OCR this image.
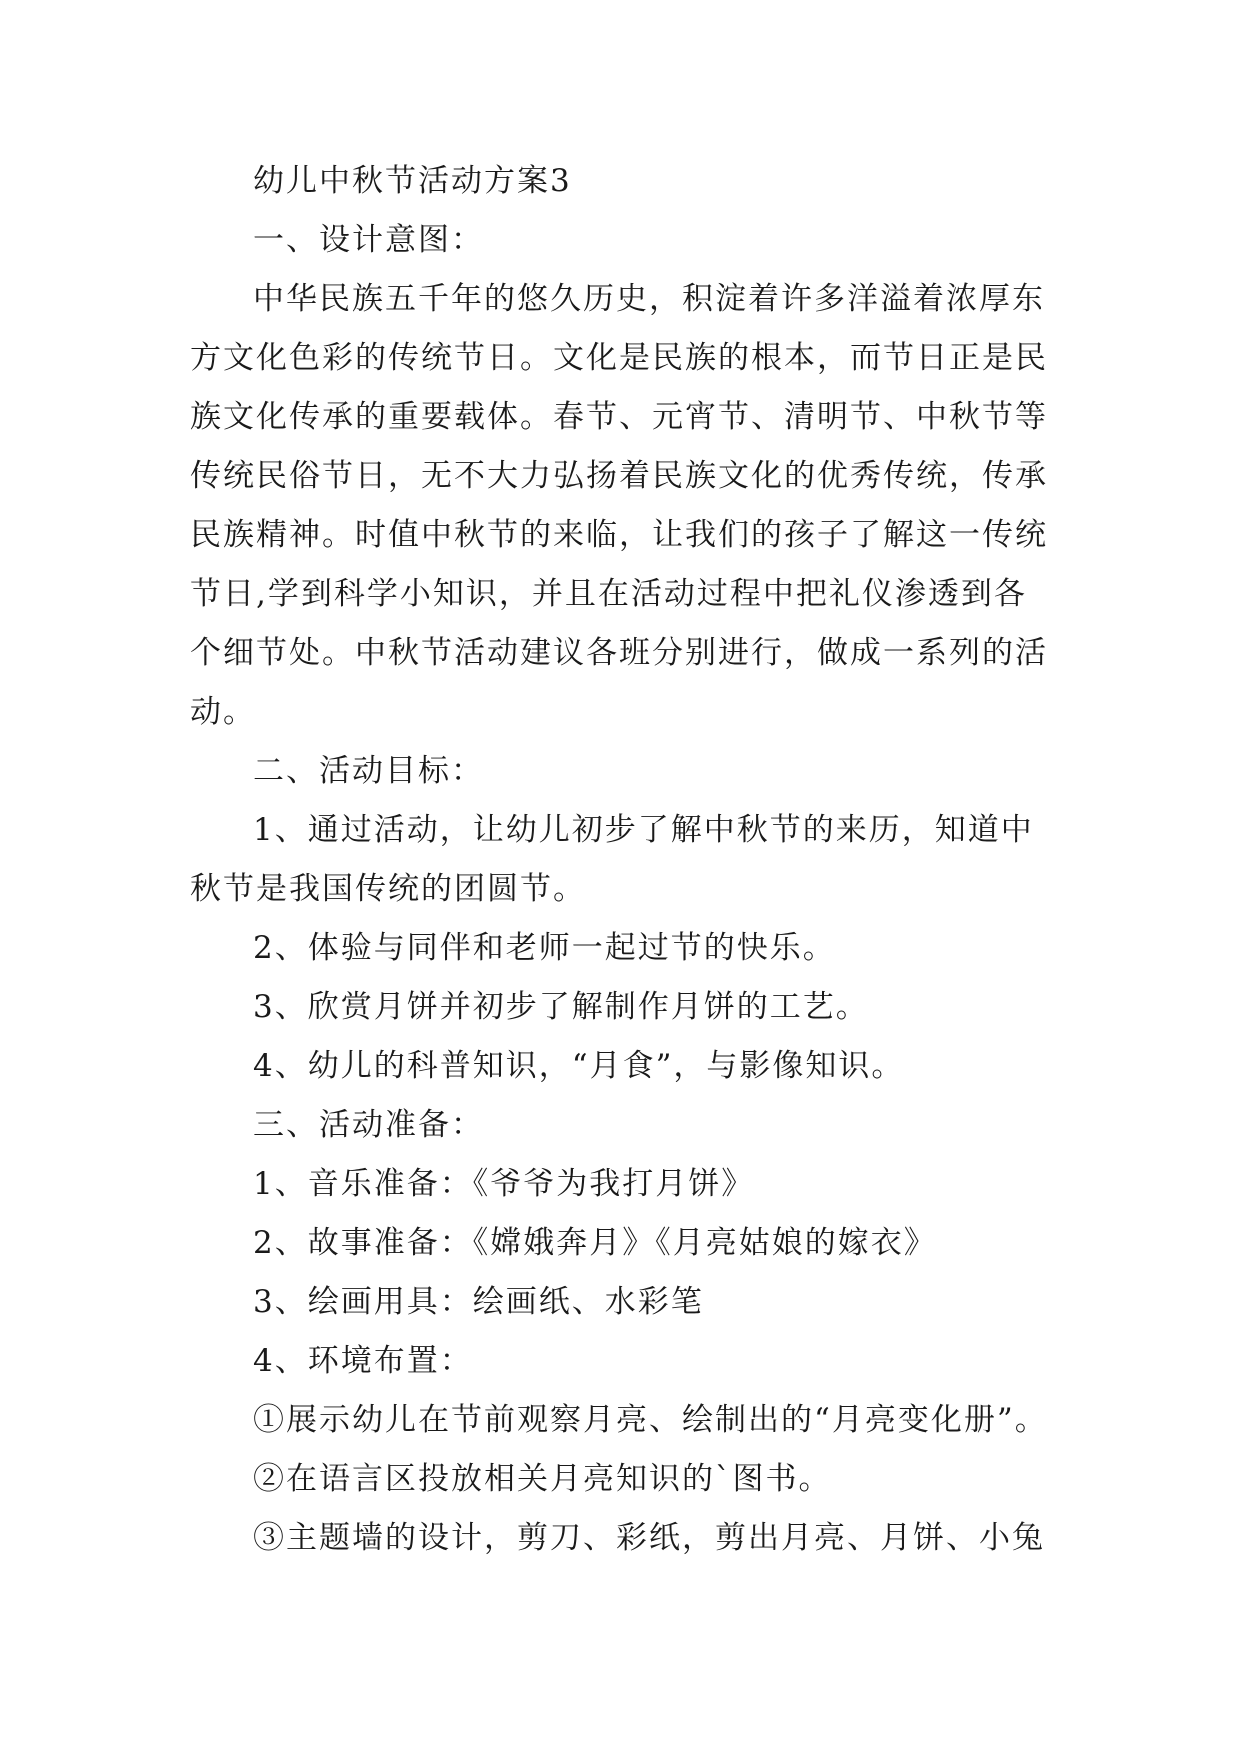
幼儿中秋节活动方案3
一、设计意图：
中华民族五千年的悠久历史，积淀着许多洋溢着浓厚东
方文化色彩的传统节日。文化是民族的根本，而节日正是民
族文化传承的重要载体。春节、元宵节、清明节、中秋节等
传统民俗节日，无不大力弘扬着民族文化的优秀传统，传承
民族精神。时值中秋节的来临，让我们的孩子了解这一传统
节日,学到科学小知识，并且在活动过程中把礼仪渗透到各
个细节处。中秋节活动建议各班分别进行，做成一系列的活
动。
二、活动目标：
1、通过活动，让幼儿初步了解中秋节的来历，知道中
秋节是我国传统的团圆节。
2、体验与同伴和老师一起过节的快乐。
3、欣赏月饼并初步了解制作月饼的工艺。
4、幼儿的科普知识，“月食”，与影像知识。
三、活动准备：
1、音乐准备：《爷爷为我打月饼》
2、故事准备：《嫦娥奔月》《月亮姑娘的嫁衣》
3、绘画用具：绘画纸、水彩笔
4、环境布置：
①展示幼儿在节前观察月亮、绘制出的“月亮变化册”。
②在语言区投放相关月亮知识的`图书。
③主题墙的设计，剪刀、彩纸，剪出月亮、月饼、小兔
